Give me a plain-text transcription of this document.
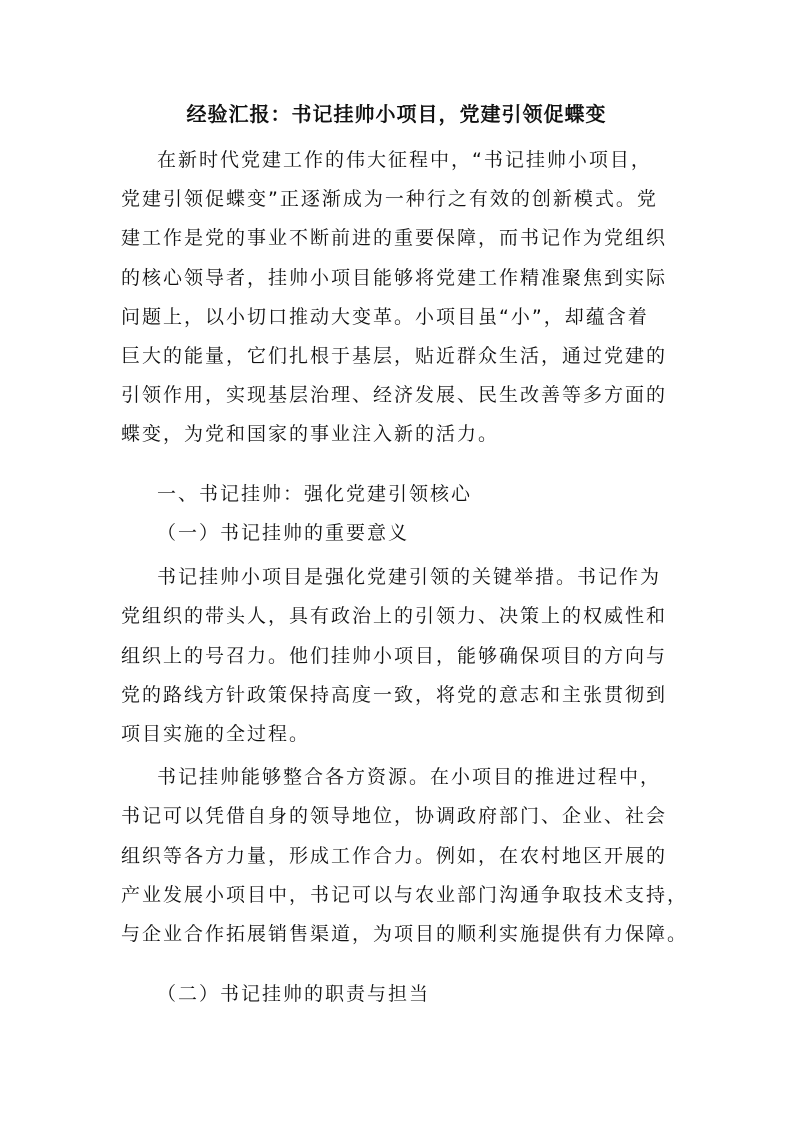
经验汇报：书记挂帅小项目，党建引领促蝶变
在新时代党建工作的伟大征程中，“书记挂帅小项目，
党建引领促蝶变”正逐渐成为一种行之有效的创新模式。党
建工作是党的事业不断前进的重要保障，而书记作为党组织
的核心领导者，挂帅小项目能够将党建工作精准聚焦到实际
问题上，以小切口推动大变革。小项目虽“小”，却蕴含着
巨大的能量，它们扎根于基层，贴近群众生活，通过党建的
引领作用，实现基层治理、经济发展、民生改善等多方面的
蝶变，为党和国家的事业注入新的活力。
一、书记挂帅：强化党建引领核心
（一）书记挂帅的重要意义
书记挂帅小项目是强化党建引领的关键举措。书记作为
党组织的带头人，具有政治上的引领力、决策上的权威性和
组织上的号召力。他们挂帅小项目，能够确保项目的方向与
党的路线方针政策保持高度一致，将党的意志和主张贯彻到
项目实施的全过程。
书记挂帅能够整合各方资源。在小项目的推进过程中，
书记可以凭借自身的领导地位，协调政府部门、企业、社会
组织等各方力量，形成工作合力。例如，在农村地区开展的
产业发展小项目中，书记可以与农业部门沟通争取技术支持，
与企业合作拓展销售渠道，为项目的顺利实施提供有力保障。
（二）书记挂帅的职责与担当
